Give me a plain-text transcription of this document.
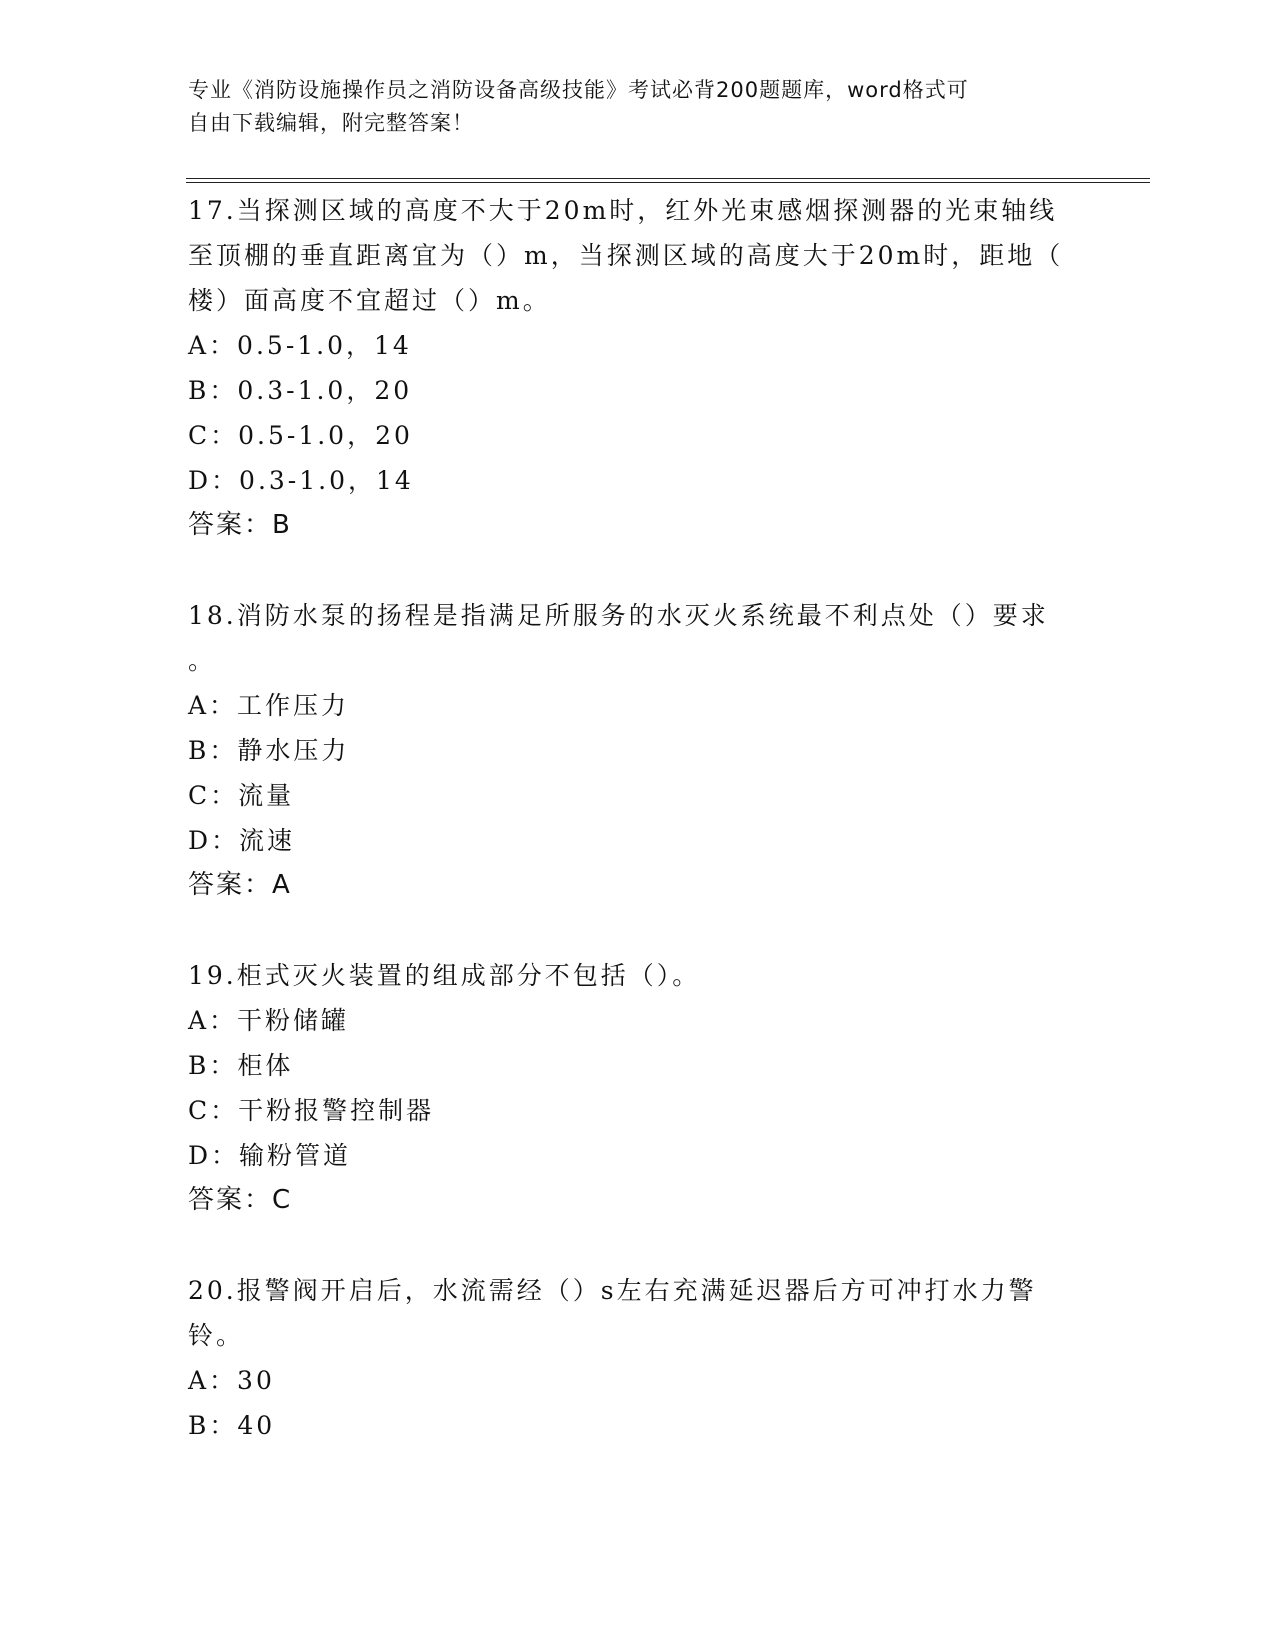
专业《消防设施操作员之消防设备高级技能》考试必背200题题库，word格式可
自由下载编辑，附完整答案！
17.当探测区域的高度不大于20m时，红外光束感烟探测器的光束轴线
至顶棚的垂直距离宜为（）m，当探测区域的高度大于20m时，距地（
楼）面高度不宜超过（）m。
A：0.5-1.0，14
B：0.3-1.0，20
C：0.5-1.0，20
D：0.3-1.0，14
答案：B
18.消防水泵的扬程是指满足所服务的水灭火系统最不利点处（）要求
。
A：工作压力
B：静水压力
C：流量
D：流速
答案：A
19.柜式灭火装置的组成部分不包括（）。
A：干粉储罐
B：柜体
C：干粉报警控制器
D：输粉管道
答案：C
20.报警阀开启后，水流需经（）s左右充满延迟器后方可冲打水力警
铃。
A：30
B：40
